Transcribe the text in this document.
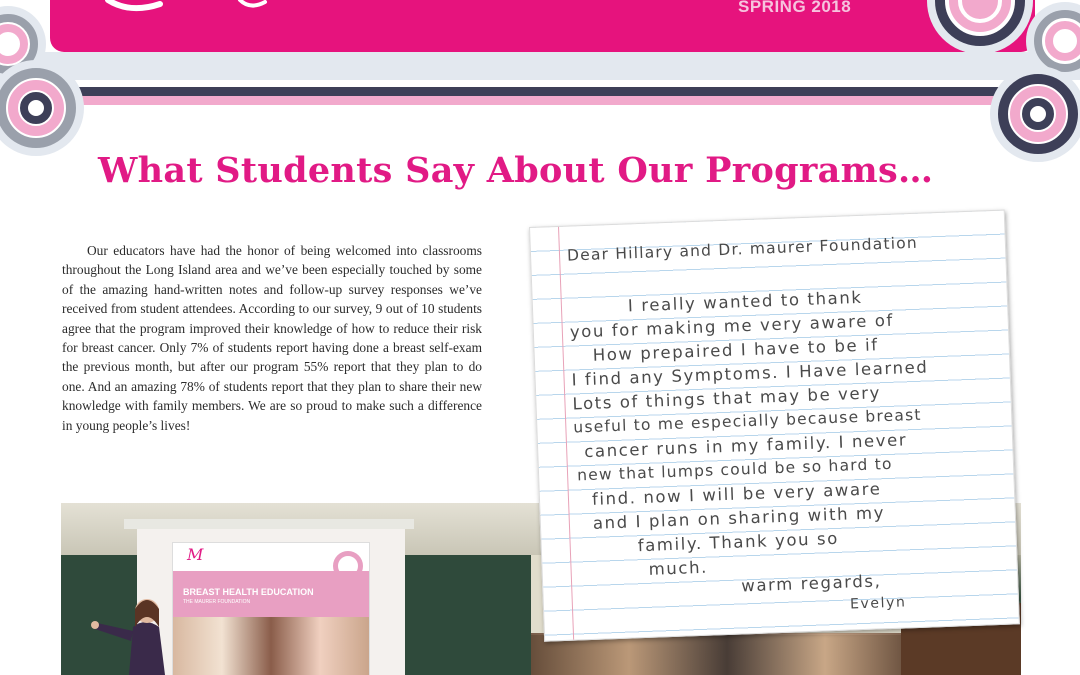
SPRING 2018
What Students Say About Our Programs…

Our educators have had the honor of being welcomed into classrooms throughout the Long Island area and we’ve been especially touched by some of the amazing hand-written notes and follow-up survey responses we’ve received from student attendees. According to our survey, 9 out of 10 students agree that the program improved their knowledge of how to reduce their risk for breast cancer. Only 7% of students report having done a breast self-exam the previous month, but after our program 55% report that they plan to do one. And an amazing 78% of students report that they plan to share their new knowledge with family members. We are so proud to make such a difference in young people’s lives!

M
BREAST HEALTH EDUCATION
THE MAURER FOUNDATION
Dear Hillary and Dr. maurer Foundation
I really wanted to thank
you for making me very aware of
How prepaired I have to be if
I find any Symptoms. I Have learned
Lots of things that may be very
useful to me especially because breast
cancer runs in my family. I never
new that lumps could be so hard to
find. now I will be very aware
and I plan on sharing with my
family. Thank you so
much.
warm regards,
Evelyn
